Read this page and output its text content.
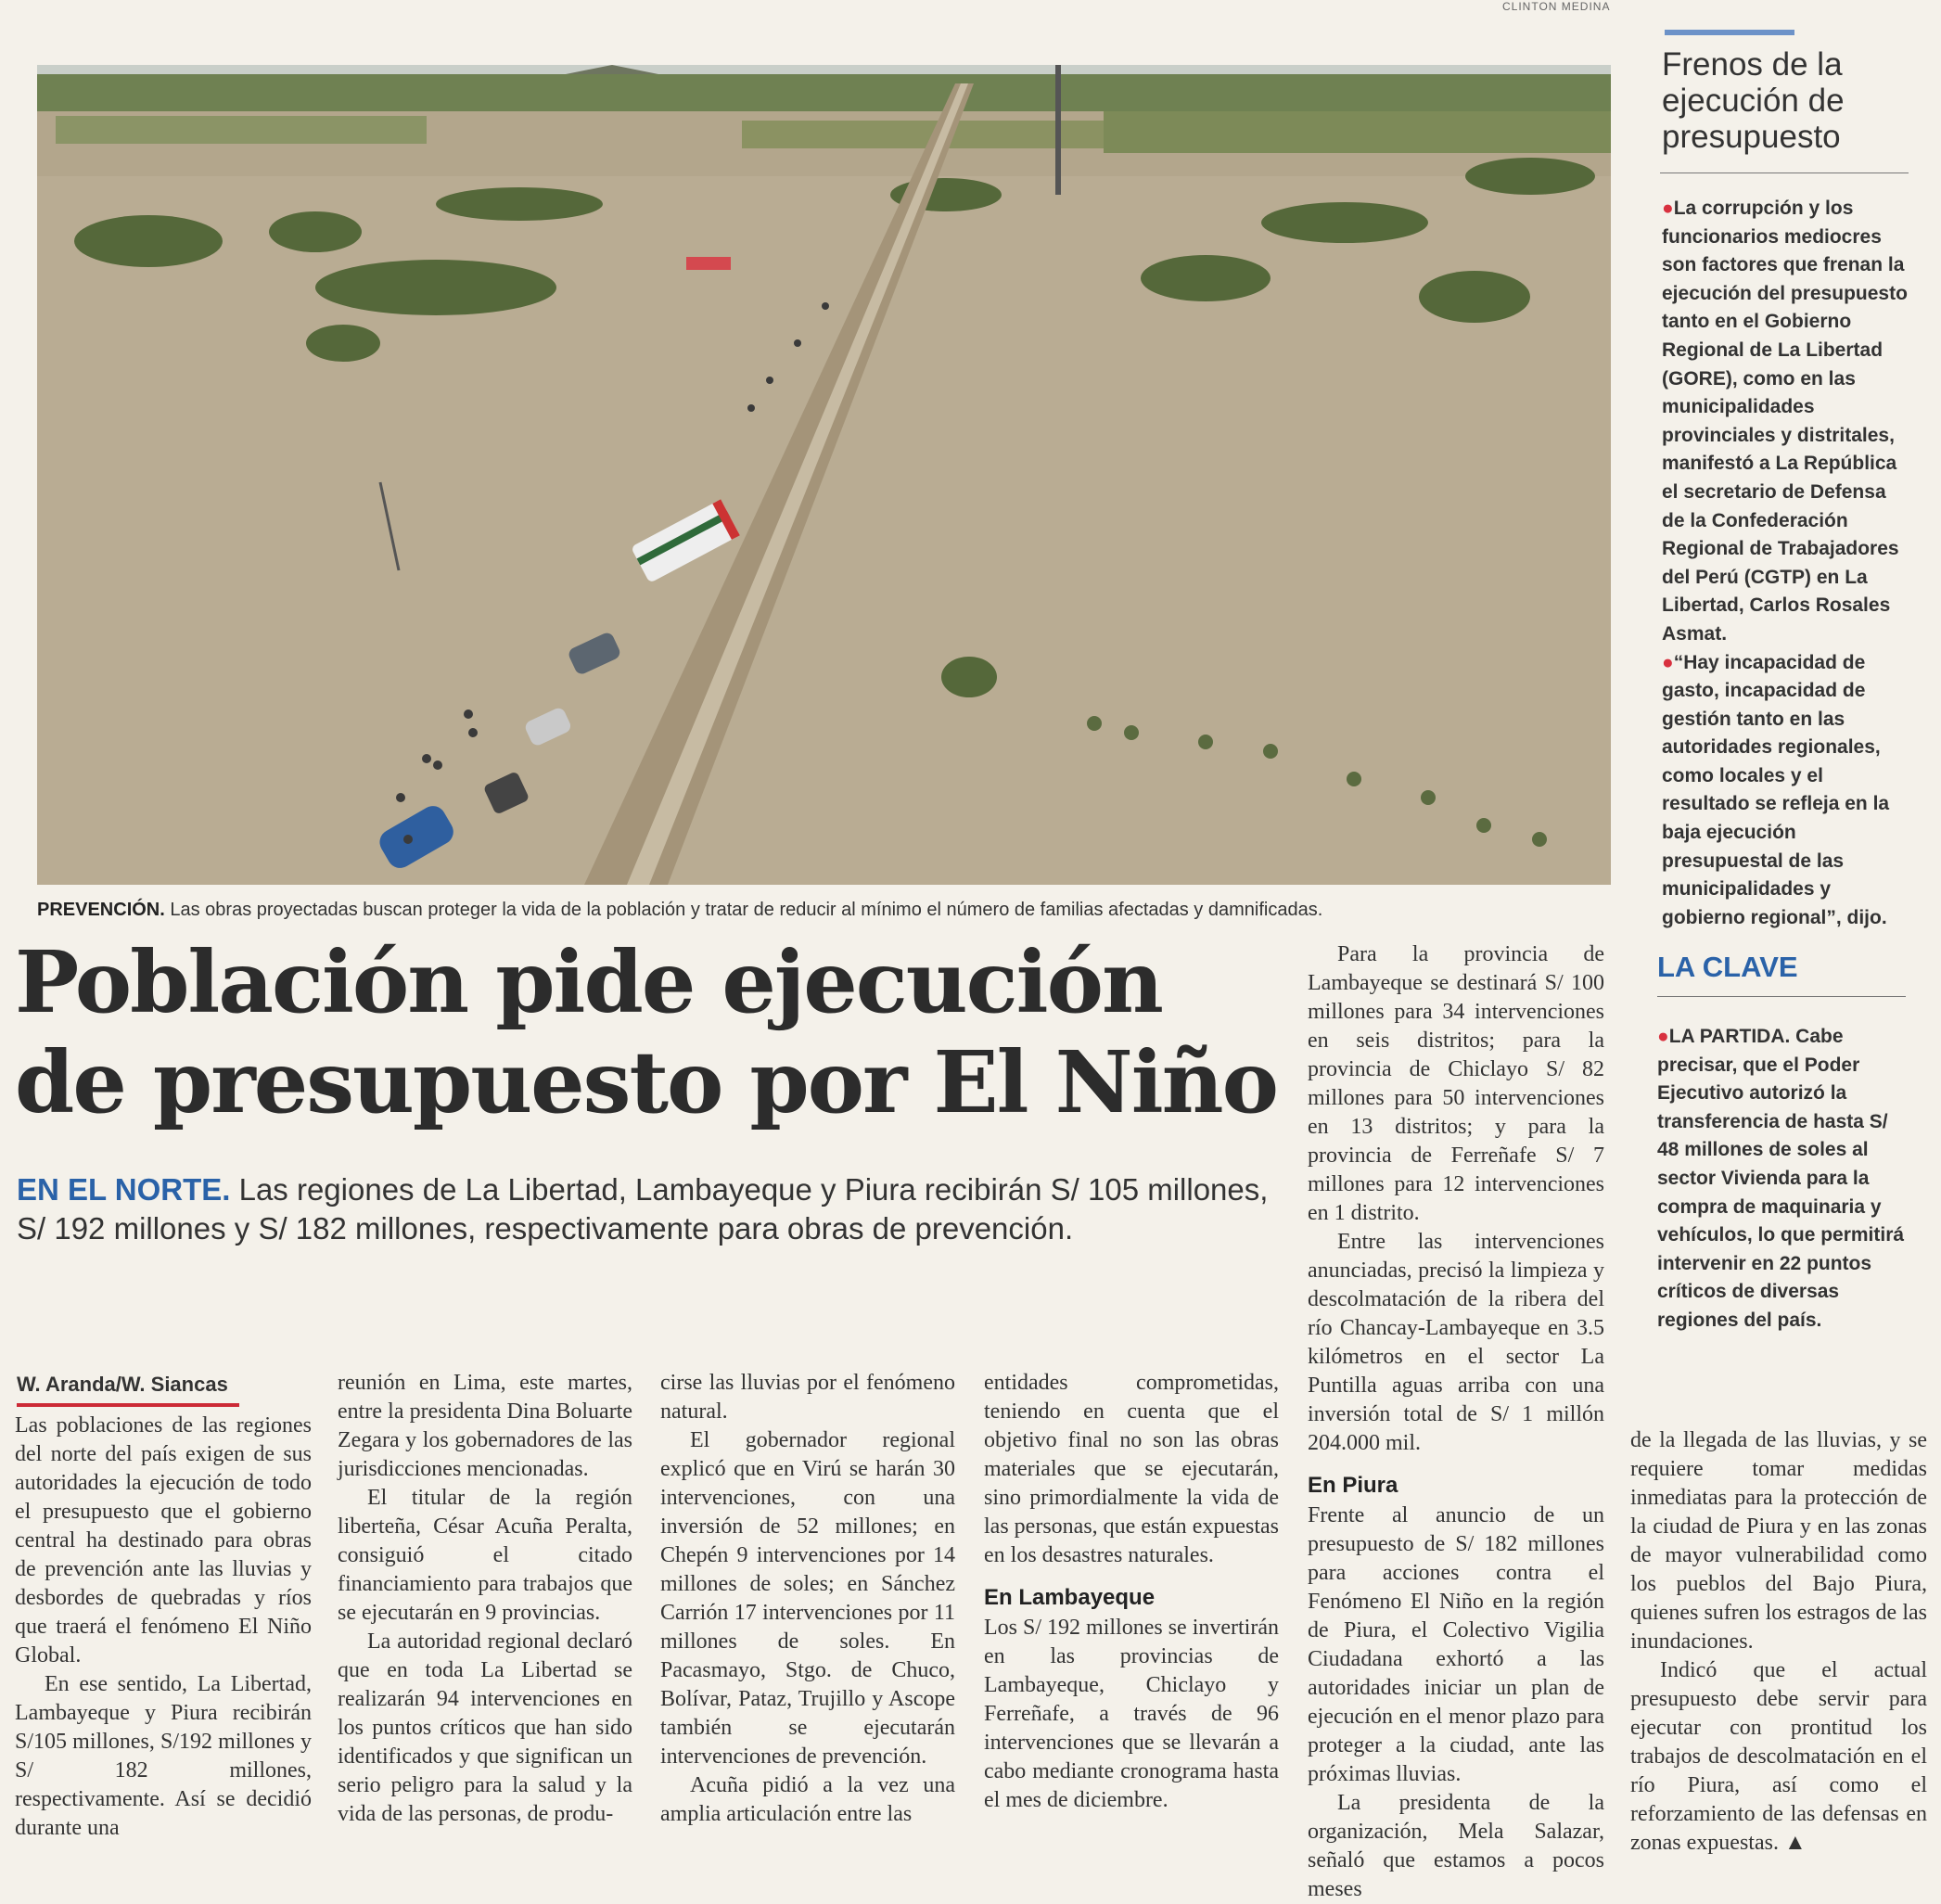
CLINTON MEDINA
PREVENCIÓN. Las obras proyectadas buscan proteger la vida de la población y tratar de reducir al mínimo el número de familias afectadas y damnificadas.
Población pide ejecución
de presupuesto por El Niño
EN EL NORTE. Las regiones de La Libertad, Lambayeque y Piura recibirán S/ 105 millones, S/ 192 millones y S/ 182 millones, respectivamente para obras de prevención.
W. Aranda/W. Siancas

Las poblaciones de las regiones del norte del país exigen de sus autoridades la ejecución de todo el presupuesto que el gobierno central ha destinado para obras de prevención ante las lluvias y desbordes de quebradas y ríos que traerá el fenómeno El Niño Global.

En ese sentido, La Libertad, Lambayeque y Piura recibirán S/105 millones, S/192 millones y S/ 182 millones, respectivamente. Así se decidió durante una

reunión en Lima, este martes, entre la presidenta Dina Boluarte Zegara y los gobernadores de las jurisdicciones mencionadas.

El titular de la región liberteña, César Acuña Peralta, consiguió el citado financiamiento para trabajos que se ejecutarán en 9 provincias.

La autoridad regional declaró que en toda La Libertad se realizarán 94 intervenciones en los puntos críticos que han sido identificados y que significan un serio peligro para la salud y la vida de las personas, de produ-

cirse las lluvias por el fenómeno natural.

El gobernador regional explicó que en Virú se harán 30 intervenciones, con una inversión de 52 millones; en Chepén 9 intervenciones por 14 millones de soles; en Sánchez Carrión 17 intervenciones por 11 millones de soles. En Pacasmayo, Stgo. de Chuco, Bolívar, Pataz, Trujillo y Ascope también se ejecutarán intervenciones de prevención.

Acuña pidió a la vez una amplia articulación entre las

entidades comprometidas, teniendo en cuenta que el objetivo final no son las obras materiales que se ejecutarán, sino primordialmente la vida de las personas, que están expuestas en los desastres naturales.

En Lambayeque

Los S/ 192 millones se invertirán en las provincias de Lambayeque, Chiclayo y Ferreñafe, a través de 96 intervenciones que se llevarán a cabo mediante cronograma hasta el mes de diciembre.

Para la provincia de Lambayeque se destinará S/ 100 millones para 34 intervenciones en seis distritos; para la provincia de Chiclayo S/ 82 millones para 50 intervenciones en 13 distritos; y para la provincia de Ferreñafe S/ 7 millones para 12 intervenciones en 1 distrito.

Entre las intervenciones anunciadas, precisó la limpieza y descolmatación de la ribera del río Chancay-Lambayeque en 3.5 kilómetros en el sector La Puntilla aguas arriba con una inversión total de S/ 1 millón 204.000 mil.

En Piura

Frente al anuncio de un presupuesto de S/ 182 millones para acciones contra el Fenómeno El Niño en la región de Piura, el Colectivo Vigilia Ciudadana exhortó a las autoridades iniciar un plan de ejecución en el menor plazo para proteger a la ciudad, ante las próximas lluvias.

La presidenta de la organización, Mela Salazar, señaló que estamos a pocos meses

de la llegada de las lluvias, y se requiere tomar medidas inmediatas para la protección de la ciudad de Piura y en las zonas de mayor vulnerabilidad como los pueblos del Bajo Piura, quienes sufren los estragos de las inundaciones.

Indicó que el actual presupuesto debe servir para ejecutar con prontitud los trabajos de descolmatación en el río Piura, así como el reforzamiento de las defensas en zonas expuestas. ▲

Frenos de la ejecución de presupuesto

●La corrupción y los funcionarios mediocres son factores que frenan la ejecución del presupuesto tanto en el Gobierno Regional de La Libertad (GORE), como en las municipalidades provinciales y distritales, manifestó a La República el secretario de Defensa de la Confederación Regional de Trabajadores del Perú (CGTP) en La Libertad, Carlos Rosales Asmat.

●“Hay incapacidad de gasto, incapacidad de gestión tanto en las autoridades regionales, como locales y el resultado se refleja en la baja ejecución presupuestal de las municipalidades y gobierno regional”, dijo.

LA CLAVE

●LA PARTIDA. Cabe precisar, que el Poder Ejecutivo autorizó la transferencia de hasta S/ 48 millones de soles al sector Vivienda para la compra de maquinaria y vehículos, lo que permitirá intervenir en 22 puntos críticos de diversas regiones del país.
